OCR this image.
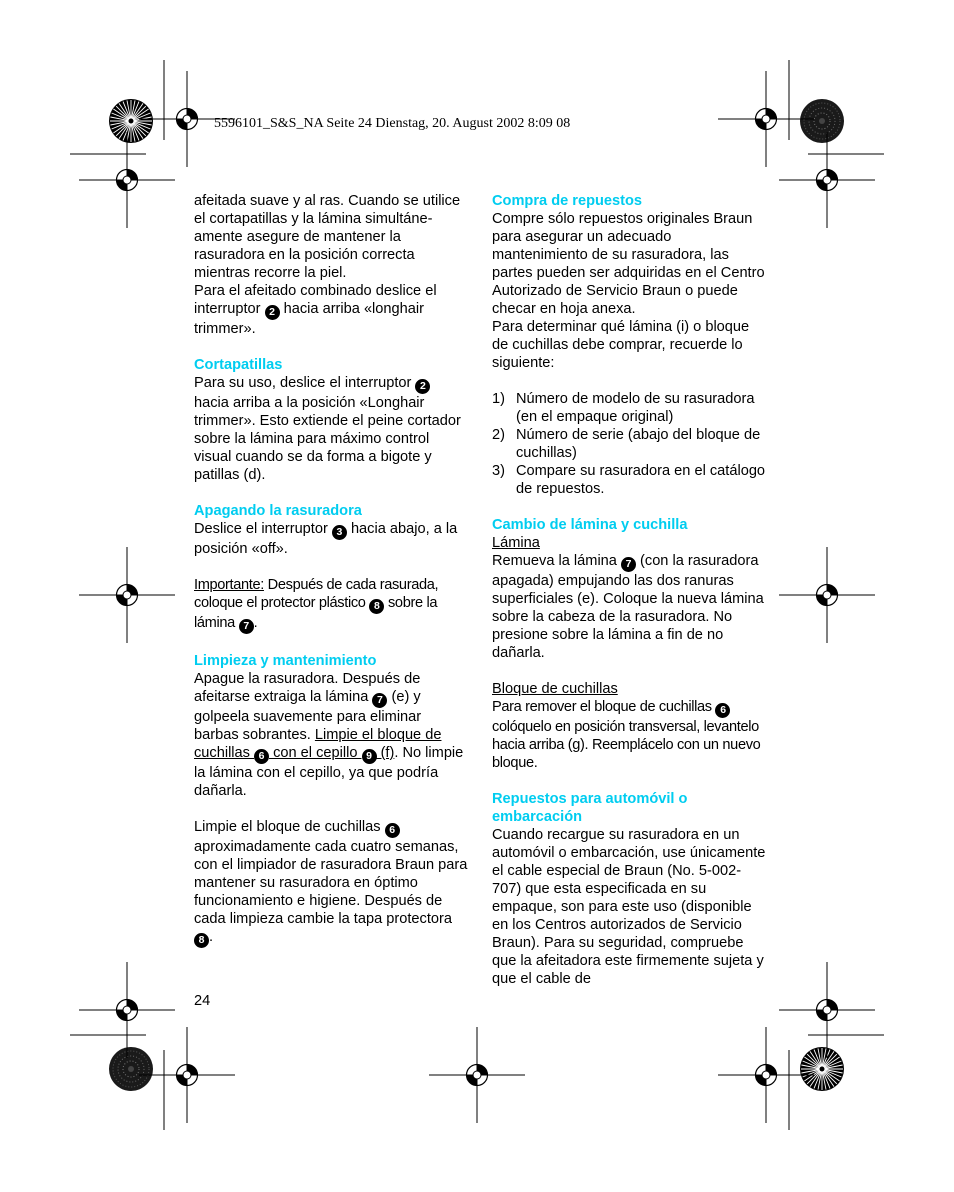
5596101_S&S_NA Seite 24 Dienstag, 20. August 2002 8:09 08

afeitada suave y al ras. Cuando se utilice el cortapatillas y la lámina simultáne-amente asegure de mantener la rasuradora en la posición correcta mientras recorre la piel.

Para el afeitado combinado deslice el interruptor 2 hacia arriba «longhair trimmer».

Cortapatillas

Para su uso, deslice el interruptor 2 hacia arriba a la posición «Longhair trimmer». Esto extiende el peine cortador sobre la lámina para máximo control visual cuando se da forma a bigote y patillas (d).

Apagando la rasuradora

Deslice el interruptor 3 hacia abajo, a la posición «off».

Importante: Después de cada rasurada, coloque el protector plástico 8 sobre la lámina 7 .

Limpieza y mantenimiento

Apague la rasuradora. Después de afeitarse extraiga la lámina 7 (e) y golpeela suavemente para eliminar barbas sobrantes. Limpie el bloque de cuchillas 6 con el cepillo 9 (f). No limpie la lámina con el cepillo, ya que podría dañarla.

Limpie el bloque de cuchillas 6 aproximadamente cada cuatro semanas, con el limpiador de rasuradora Braun para mantener su rasuradora en óptimo funcionamiento e higiene. Después de cada limpieza cambie la tapa protectora 8 .

Compra de repuestos

Compre sólo repuestos originales Braun para asegurar un adecuado mantenimiento de su rasuradora, las partes pueden ser adquiridas en el Centro Autorizado de Servicio Braun o puede checar en hoja anexa.

Para determinar qué lámina (i) o bloque de cuchillas debe comprar, recuerde lo siguiente:

1) Número de modelo de su rasuradora (en el empaque original)
2) Número de serie (abajo del bloque de cuchillas)
3) Compare su rasuradora en el catálogo de repuestos.
Cambio de lámina y cuchilla
Lámina

Remueva la lámina 7 (con la rasuradora apagada) empujando las dos ranuras superficiales (e). Coloque la nueva lámina sobre la cabeza de la rasuradora. No presione sobre la lámina a fin de no dañarla.

Bloque de cuchillas

Para remover el bloque de cuchillas 6 colóquelo en posición transversal, levantelo hacia arriba (g). Reemplácelo con un nuevo bloque.

Repuestos para automóvil o embarcación

Cuando recargue su rasuradora en un automóvil o embarcación, use únicamente el cable especial de Braun (No. 5-002-707) que esta especificada en su empaque, son para este uso (disponible en los Centros autorizados de Servicio Braun). Para su seguridad, compruebe que la afeitadora este firmemente sujeta y que el cable de

24
